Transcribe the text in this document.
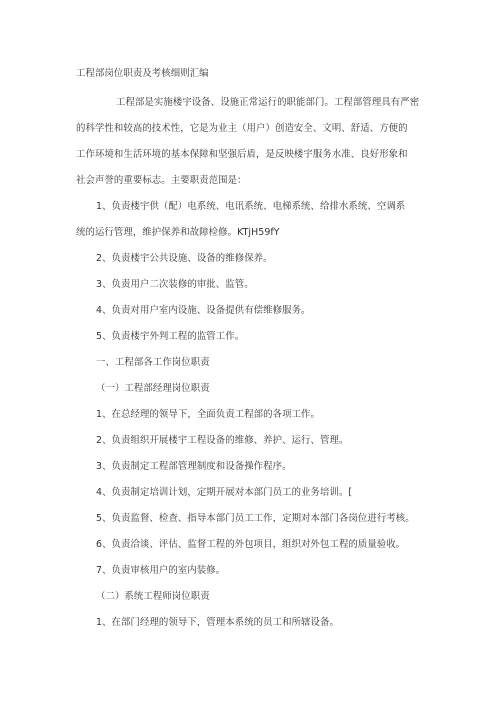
工程部岗位职责及考核细则汇编
工程部是实施楼宇设备、设施正常运行的职能部门。工程部管理具有严密
的科学性和较高的技术性，它是为业主（用户）创造安全、文明、舒适、方便的
工作环境和生活环境的基本保障和坚强后盾，是反映楼宇服务水准、良好形象和
社会声誉的重要标志。主要职责范围是：
1、负责楼宇供（配）电系统、电讯系统、电梯系统、给排水系统、空调系
统的运行管理，维护保养和故障检修。KTjH59fY
2、负责楼宇公共设施、设备的维修保养。
3、负责用户二次装修的审批、监管。
4、负责对用户室内设施、设备提供有偿维修服务。
5、负责楼宇外判工程的监管工作。
一、工程部各工作岗位职责
（一）工程部经理岗位职责
1、在总经理的领导下，全面负责工程部的各项工作。
2、负责组织开展楼宇工程设备的维修、养护、运行、管理。
3、负责制定工程部管理制度和设备操作程序。
4、负责制定培训计划，定期开展对本部门员工的业务培训。[
5、负责监督、检查、指导本部门员工工作，定期对本部门各岗位进行考核。
6、负责洽谈、评估、监督工程的外包项目，组织对外包工程的质量验收。
7、负责审核用户的室内装修。
（二）系统工程师岗位职责
1、在部门经理的领导下，管理本系统的员工和所辖设备。
